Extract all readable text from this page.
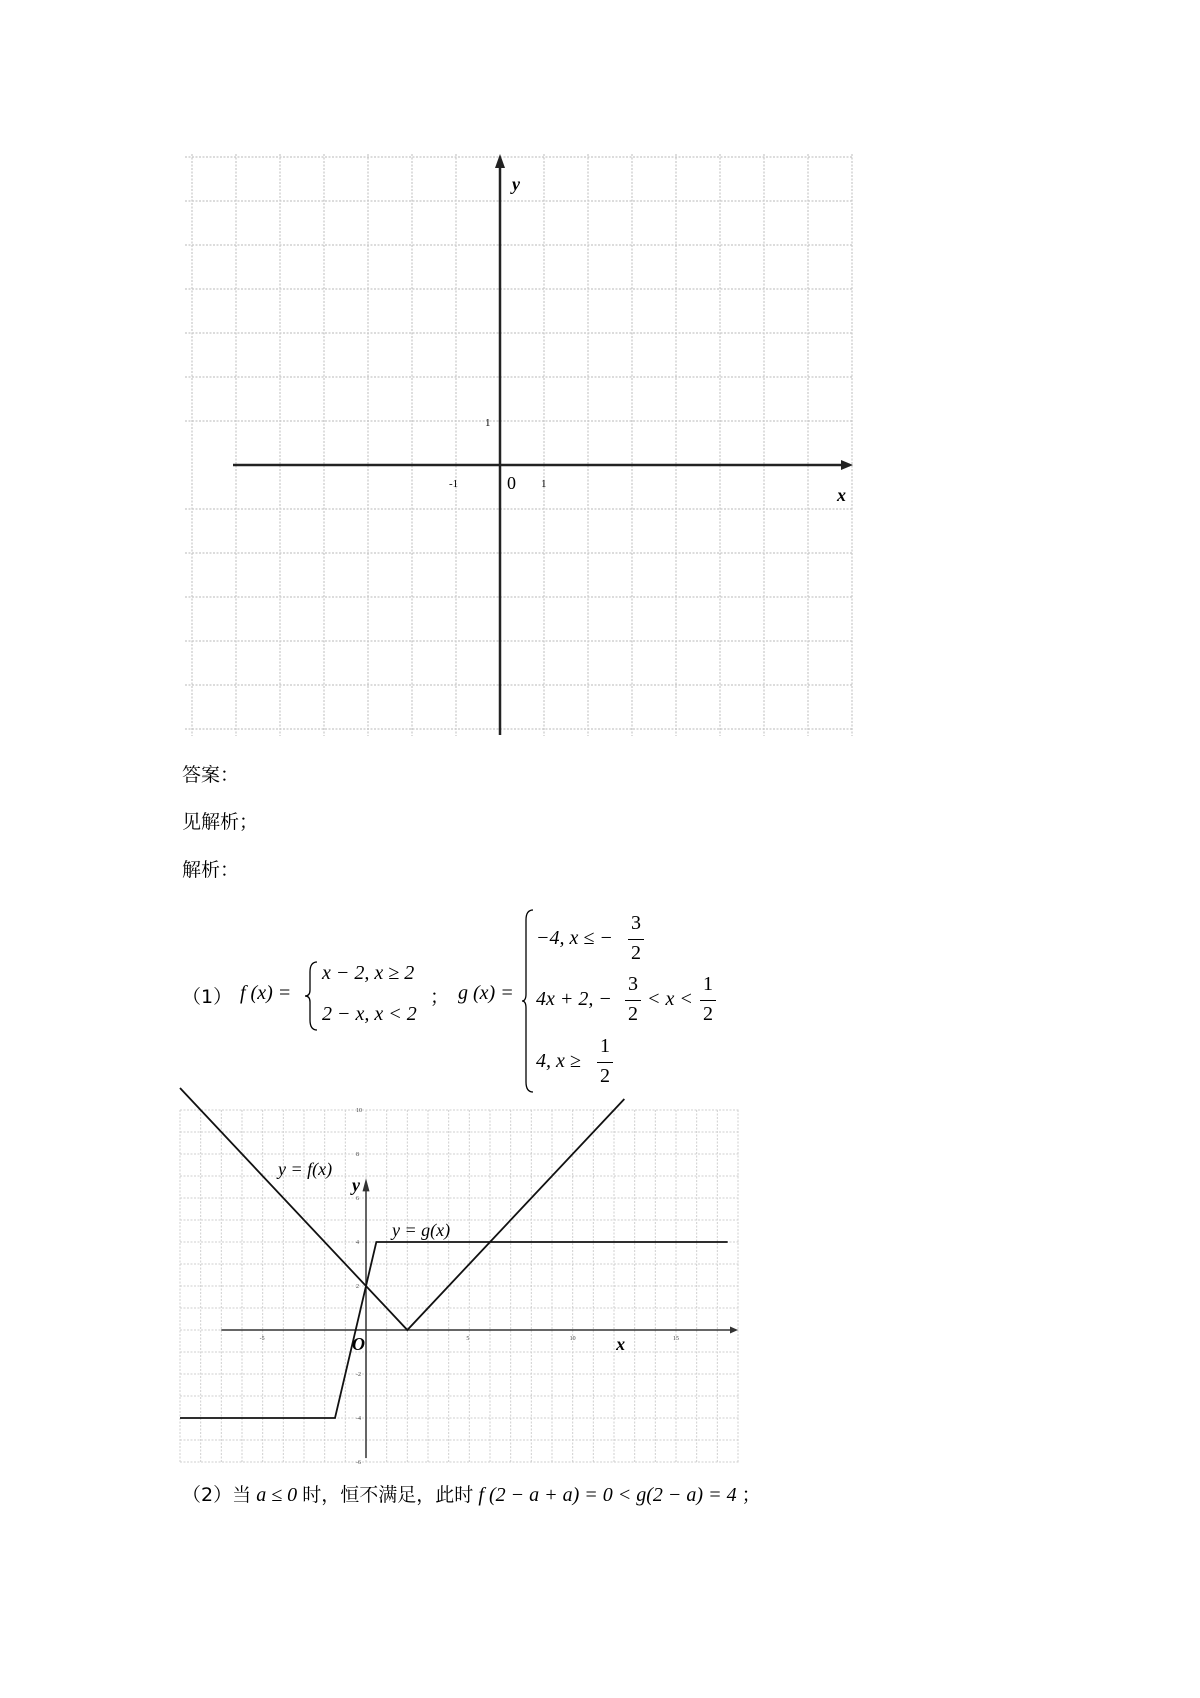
y
x
0
-1	1
1
答案：
见解析；
解析：
（1） f (x) =
x − 2, x ≥ 2
2 − x, x < 2
； g (x) =
−4, x ≤ −
3
2
4x + 2, −
3
2
< x <
1
2
4, x ≥
1
2
-5	5	10	15
10
8
6
4
2
-2
-4
-6
y = f(x)
y = g(x)
x
y
O
（2）当 a ≤ 0 时，恒不满足，此时 f (2 − a + a) = 0 < g(2 − a) = 4 ；
